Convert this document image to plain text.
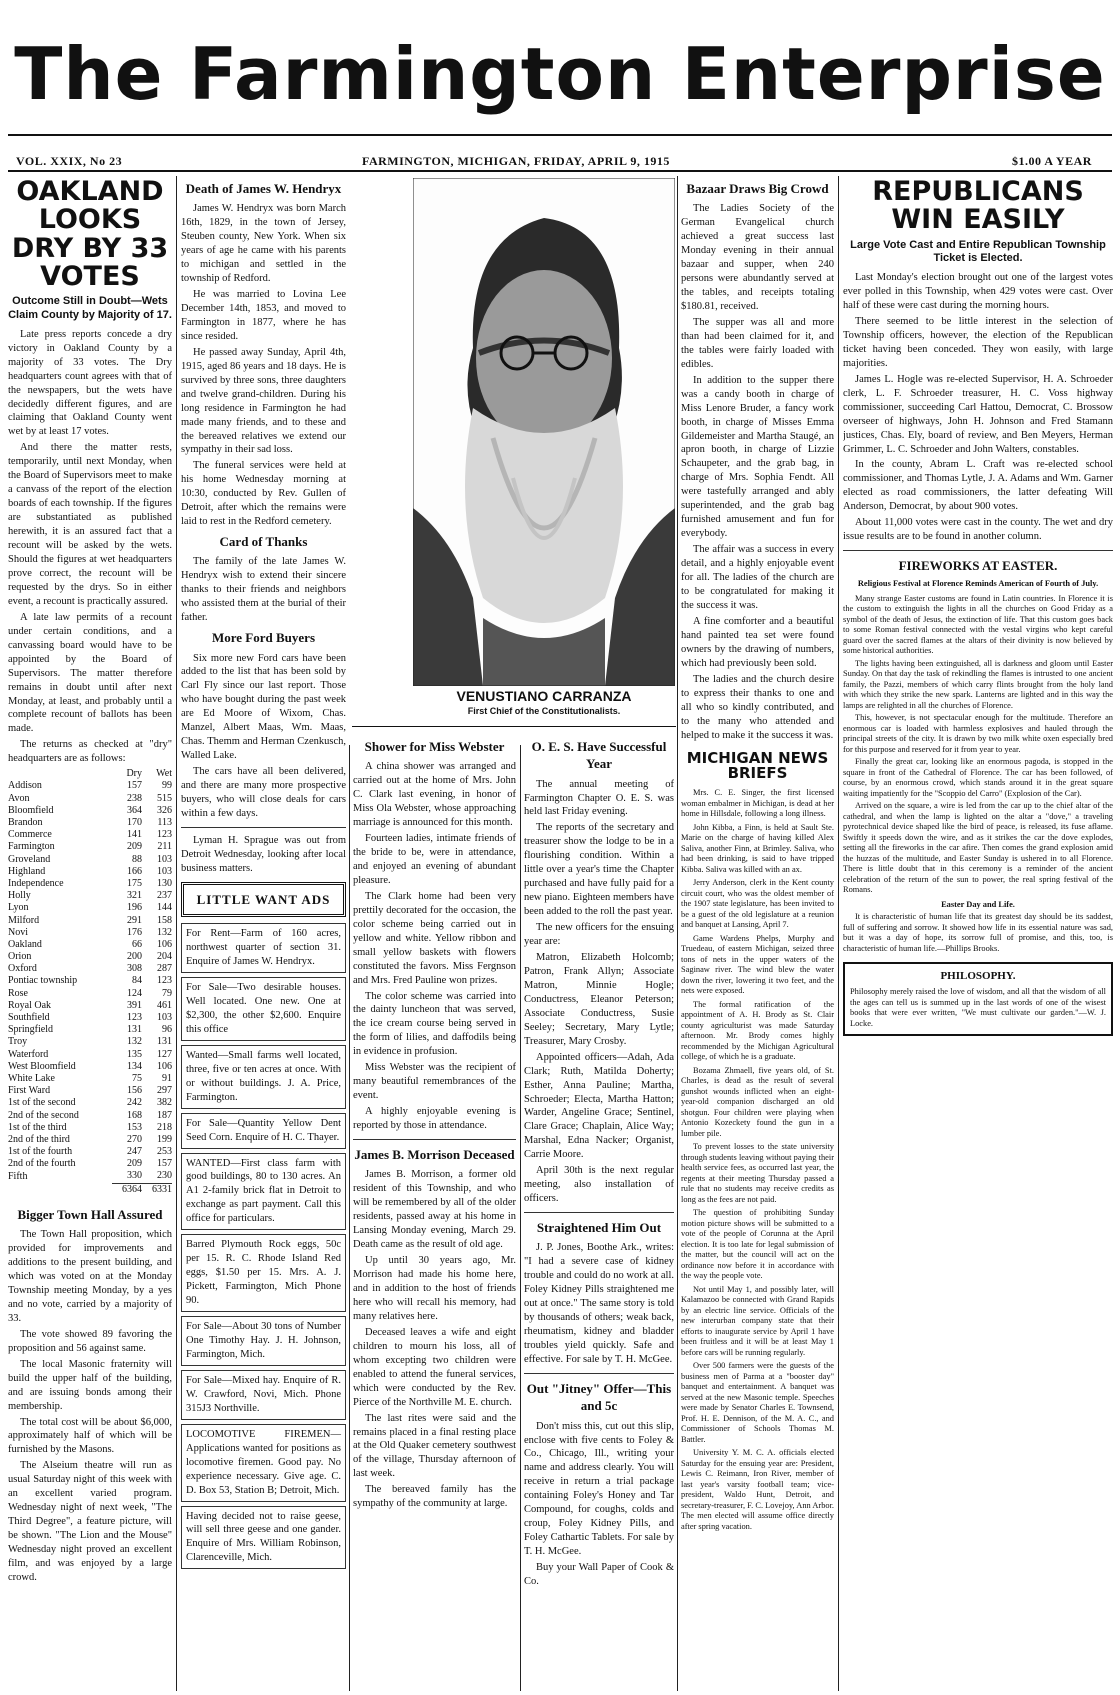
The Farmington Enterprise
VOL. XXIX, No 23	FARMINGTON, MICHIGAN, FRIDAY, APRIL 9, 1915	$1.00 A YEAR
OAKLAND LOOKS DRY BY 33 VOTES
Outcome Still in Doubt—Wets Claim County by Majority of 17.

Late press reports concede a dry victory in Oakland County by a majority of 33 votes. The Dry headquarters count agrees with that of the newspapers, but the wets have decidedly different figures, and are claiming that Oakland County went wet by at least 17 votes.

And there the matter rests, temporarily, until next Monday, when the Board of Supervisors meet to make a canvass of the report of the election boards of each township. If the figures are substantiated as published herewith, it is an assured fact that a recount will be asked by the wets. Should the figures at wet headquarters prove correct, the recount will be requested by the drys. So in either event, a recount is practically assured.

A late law permits of a recount under certain conditions, and a canvassing board would have to be appointed by the Board of Supervisors. The matter therefore remains in doubt until after next Monday, at least, and probably until a complete recount of ballots has been made.

The returns as checked at "dry" headquarters are as follows:

	Dry	Wet
Addison	157	99
Avon	238	515
Bloomfield	364	326
Brandon	170	113
Commerce	141	123
Farmington	209	211
Groveland	88	103
Highland	166	103
Independence	175	130
Holly	321	237
Lyon	196	144
Milford	291	158
Novi	176	132
Oakland	66	106
Orion	200	204
Oxford	308	287
Pontiac township	84	123
Rose	124	79
Royal Oak	391	461
Southfield	123	103
Springfield	131	96
Troy	132	131
Waterford	135	127
West Bloomfield	134	106
White Lake	75	91
First Ward	156	297
1st of the second	242	382
2nd of the second	168	187
1st of the third	153	218
2nd of the third	270	199
1st of the fourth	247	253
2nd of the fourth	209	157
Fifth	330	230
	6364	6331
Bigger Town Hall Assured

The Town Hall proposition, which provided for improvements and additions to the present building, and which was voted on at the Monday Township meeting Monday, by a yes and no vote, carried by a majority of 33.

The vote showed 89 favoring the proposition and 56 against same.

The local Masonic fraternity will build the upper half of the building, and are issuing bonds among their membership.

The total cost will be about $6,000, approximately half of which will be furnished by the Masons.

The Alseium theatre will run as usual Saturday night of this week with an excellent varied program. Wednesday night of next week, "The Third Degree", a feature picture, will be shown. "The Lion and the Mouse" Wednesday night proved an excellent film, and was enjoyed by a large crowd.

Death of James W. Hendryx

James W. Hendryx was born March 16th, 1829, in the town of Jersey, Steuben county, New York. When six years of age he came with his parents to michigan and settled in the township of Redford.

He was married to Lovina Lee December 14th, 1853, and moved to Farmington in 1877, where he has since resided.

He passed away Sunday, April 4th, 1915, aged 86 years and 18 days. He is survived by three sons, three daughters and twelve grand-children. During his long residence in Farmington he had made many friends, and to these and the bereaved relatives we extend our sympathy in their sad loss.

The funeral services were held at his home Wednesday morning at 10:30, conducted by Rev. Gullen of Detroit, after which the remains were laid to rest in the Redford cemetery.

Card of Thanks

The family of the late James W. Hendryx wish to extend their sincere thanks to their friends and neighbors who assisted them at the burial of their father.

More Ford Buyers

Six more new Ford cars have been added to the list that has been sold by Carl Fly since our last report. Those who have bought during the past week are Ed Moore of Wixom, Chas. Manzel, Albert Maas, Wm. Maas, Chas. Themm and Herman Czenkusch, Walled Lake.

The cars have all been delivered, and there are many more prospective buyers, who will close deals for cars within a few days.

Lyman H. Sprague was out from Detroit Wednesday, looking after local business matters.

LITTLE WANT ADS
For Rent—Farm of 160 acres, northwest quarter of section 31. Enquire of James W. Hendryx.
For Sale—Two desirable houses. Well located. One new. One at $2,300, the other $2,600. Enquire this office
Wanted—Small farms well located, three, five or ten acres at once. With or without buildings. J. A. Price, Farmington.
For Sale—Quantity Yellow Dent Seed Corn. Enquire of H. C. Thayer.
WANTED—First class farm with good buildings, 80 to 130 acres. An A1 2-family brick flat in Detroit to exchange as part payment. Call this office for particulars.
Barred Plymouth Rock eggs, 50c per 15. R. C. Rhode Island Red eggs, $1.50 per 15. Mrs. A. J. Pickett, Farmington, Mich Phone 90.
For Sale—About 30 tons of Number One Timothy Hay. J. H. Johnson, Farmington, Mich.
For Sale—Mixed hay. Enquire of R. W. Crawford, Novi, Mich. Phone 315J3 Northville.
LOCOMOTIVE FIREMEN—Applications wanted for positions as locomotive firemen. Good pay. No experience necessary. Give age. C. D. Box 53, Station B; Detroit, Mich.
Having decided not to raise geese, will sell three geese and one gander. Enquire of Mrs. William Robinson, Clarenceville, Mich.
VENUSTIANO CARRANZA
First Chief of the Constitutionalists.
Shower for Miss Webster

A china shower was arranged and carried out at the home of Mrs. John C. Clark last evening, in honor of Miss Ola Webster, whose approaching marriage is announced for this month.

Fourteen ladies, intimate friends of the bride to be, were in attendance, and enjoyed an evening of abundant pleasure.

The Clark home had been very prettily decorated for the occasion, the color scheme being carried out in yellow and white. Yellow ribbon and small yellow baskets with flowers constituted the favors. Miss Fergnson and Mrs. Fred Pauline won prizes.

The color scheme was carried into the dainty luncheon that was served, the ice cream course being served in the form of lilies, and daffodils being in evidence in profusion.

Miss Webster was the recipient of many beautiful remembrances of the event.

A highly enjoyable evening is reported by those in attendance.

James B. Morrison Deceased

James B. Morrison, a former old resident of this Township, and who will be remembered by all of the older residents, passed away at his home in Lansing Monday evening, March 29. Death came as the result of old age.

Up until 30 years ago, Mr. Morrison had made his home here, and in addition to the host of friends here who will recall his memory, had many relatives here.

Deceased leaves a wife and eight children to mourn his loss, all of whom excepting two children were enabled to attend the funeral services, which were conducted by the Rev. Pierce of the Northville M. E. church.

The last rites were said and the remains placed in a final resting place at the Old Quaker cemetery southwest of the village, Thursday afternoon of last week.

The bereaved family has the sympathy of the community at large.

O. E. S. Have Successful Year

The annual meeting of Farmington Chapter O. E. S. was held last Friday evening.

The reports of the secretary and treasurer show the lodge to be in a flourishing condition. Within a little over a year's time the Chapter purchased and have fully paid for a new piano. Eighteen members have been added to the roll the past year.

The new officers for the ensuing year are:

Matron, Elizabeth Holcomb; Patron, Frank Allyn; Associate Matron, Minnie Hogle; Conductress, Eleanor Peterson; Associate Conductress, Susie Seeley; Secretary, Mary Lytle; Treasurer, Mary Crosby.

Appointed officers—Adah, Ada Clark; Ruth, Matilda Doherty; Esther, Anna Pauline; Martha, Schroeder; Electa, Martha Hatton; Warder, Angeline Grace; Sentinel, Clare Grace; Chaplain, Alice Way; Marshal, Edna Nacker; Organist, Carrie Moore.

April 30th is the next regular meeting, also installation of officers.

Straightened Him Out

J. P. Jones, Boothe Ark., writes: "I had a severe case of kidney trouble and could do no work at all. Foley Kidney Pills straightened me out at once." The same story is told by thousands of others; weak back, rheumatism, kidney and bladder troubles yield quickly. Safe and effective. For sale by T. H. McGee.

Out "Jitney" Offer—This and 5c

Don't miss this, cut out this slip, enclose with five cents to Foley & Co., Chicago, Ill., writing your name and address clearly. You will receive in return a trial package containing Foley's Honey and Tar Compound, for coughs, colds and croup, Foley Kidney Pills, and Foley Cathartic Tablets. For sale by T. H. McGee.

Buy your Wall Paper of Cook & Co.

Bazaar Draws Big Crowd

The Ladies Society of the German Evangelical church achieved a great success last Monday evening in their annual bazaar and supper, when 240 persons were abundantly served at the tables, and receipts totaling $180.81, received.

The supper was all and more than had been claimed for it, and the tables were fairly loaded with edibles.

In addition to the supper there was a candy booth in charge of Miss Lenore Bruder, a fancy work booth, in charge of Misses Emma Gildemeister and Martha Staugé, an apron booth, in charge of Lizzie Schaupeter, and the grab bag, in charge of Mrs. Sophia Fendt. All were tastefully arranged and ably superintended, and the grab bag furnished amusement and fun for everybody.

The affair was a success in every detail, and a highly enjoyable event for all. The ladies of the church are to be congratulated for making it the success it was.

A fine comforter and a beautiful hand painted tea set were found owners by the drawing of numbers, which had previously been sold.

The ladies and the church desire to express their thanks to one and all who so kindly contributed, and to the many who attended and helped to make it the success it was.

MICHIGAN NEWS BRIEFS

Mrs. C. E. Singer, the first licensed woman embalmer in Michigan, is dead at her home in Hillsdale, following a long illness.

John Kibba, a Finn, is held at Sault Ste. Marie on the charge of having killed Alex Saliva, another Finn, at Brimley. Saliva, who had been drinking, is said to have tripped Kibba. Saliva was killed with an ax.

Jerry Anderson, clerk in the Kent county circuit court, who was the oldest member of the 1907 state legislature, has been invited to be a guest of the old legislature at a reunion and banquet at Lansing, April 7.

Game Wardens Phelps, Murphy and Truedeau, of eastern Michigan, seized three tons of nets in the upper waters of the Saginaw river. The wind blew the water down the river, lowering it two feet, and the nets were exposed.

The formal ratification of the appointment of A. H. Brody as St. Clair county agriculturist was made Saturday afternoon. Mr. Brody comes highly recommended by the Michigan Agricultural college, of which he is a graduate.

Bozama Zhmaell, five years old, of St. Charles, is dead as the result of several gunshot wounds inflicted when an eight-year-old companion discharged an old shotgun. Four children were playing when Antonio Kozeckety found the gun in a lumber pile.

To prevent losses to the state university through students leaving without paying their health service fees, as occurred last year, the regents at their meeting Thursday passed a rule that no students may receive credits as long as the fees are not paid.

The question of prohibiting Sunday motion picture shows will be submitted to a vote of the people of Corunna at the April election. It is too late for legal submission of the matter, but the council will act on the ordinance now before it in accordance with the way the people vote.

Not until May 1, and possibly later, will Kalamazoo be connected with Grand Rapids by an electric line service. Officials of the new interurban company state that their efforts to inaugurate service by April 1 have been fruitless and it will be at least May 1 before cars will be running regularly.

Over 500 farmers were the guests of the business men of Parma at a "booster day" banquet and entertainment. A banquet was served at the new Masonic temple. Speeches were made by Senator Charles E. Townsend, Prof. H. E. Dennison, of the M. A. C., and Commissioner of Schools Thomas M. Battler.

University Y. M. C. A. officials elected Saturday for the ensuing year are: President, Lewis C. Reimann, Iron River, member of last year's varsity football team; vice-president, Waldo Hunt, Detroit, and secretary-treasurer, F. C. Lovejoy, Ann Arbor. The men elected will assume office directly after spring vacation.

REPUBLICANS WIN EASILY
Large Vote Cast and Entire Republican Township Ticket is Elected.

Last Monday's election brought out one of the largest votes ever polled in this Township, when 429 votes were cast. Over half of these were cast during the morning hours.

There seemed to be little interest in the selection of Township officers, however, the election of the Republican ticket having been conceded. They won easily, with large majorities.

James L. Hogle was re-elected Supervisor, H. A. Schroeder clerk, L. F. Schroeder treasurer, H. C. Voss highway commissioner, succeeding Carl Hattou, Democrat, C. Brossow overseer of highways, John H. Johnson and Fred Stamann justices, Chas. Ely, board of review, and Ben Meyers, Herman Grimmer, L. C. Schroeder and John Walters, constables.

In the county, Abram L. Craft was re-elected school commissioner, and Thomas Lytle, J. A. Adams and Wm. Garner elected as road commissioners, the latter defeating Will Anderson, Democrat, by about 900 votes.

About 11,000 votes were cast in the county. The wet and dry issue results are to be found in another column.

FIREWORKS AT EASTER.
Religious Festival at Florence Reminds American of Fourth of July.

Many strange Easter customs are found in Latin countries. In Florence it is the custom to extinguish the lights in all the churches on Good Friday as a symbol of the death of Jesus, the extinction of life. That this custom goes back to some Roman festival connected with the vestal virgins who kept careful guard over the sacred flames at the altars of their divinity is now believed by some historical authorities.

The lights having been extinguished, all is darkness and gloom until Easter Sunday. On that day the task of rekindling the flames is intrusted to one ancient family, the Pazzi, members of which carry flints brought from the holy land with which they strike the new spark. Lanterns are lighted and in this way the lamps are relighted in all the churches of Florence.

This, however, is not spectacular enough for the multitude. Therefore an enormous car is loaded with harmless explosives and hauled through the principal streets of the city. It is drawn by two milk white oxen especially bred for this purpose and reserved for it from year to year.

Finally the great car, looking like an enormous pagoda, is stopped in the square in front of the Cathedral of Florence. The car has been followed, of course, by an enormous crowd, which stands around it in the great square waiting impatiently for the "Scoppio del Carro" (Explosion of the Car).

Arrived on the square, a wire is led from the car up to the chief altar of the cathedral, and when the lamp is lighted on the altar a "dove," a traveling pyrotechnical device shaped like the bird of peace, is released, its fuse aflame. Swiftly it speeds down the wire, and as it strikes the car the dove explodes, setting all the fireworks in the car afire. Then comes the grand explosion amid the huzzas of the multitude, and Easter Sunday is ushered in to all Florence. There is little doubt that in this ceremony is a reminder of the ancient celebration of the return of the sun to power, the real spring festival of the Romans.

Easter Day and Life.

It is characteristic of human life that its greatest day should be its saddest, full of suffering and sorrow. It showed how life in its essential nature was sad, but it was a day of hope, its sorrow full of promise, and this, too, is characteristic of human life.—Phillips Brooks.

PHILOSOPHY.
Philosophy merely raised the love of wisdom, and all that the wisdom of all the ages can tell us is summed up in the last words of one of the wisest books that were ever written, "We must cultivate our garden."—W. J. Locke.
